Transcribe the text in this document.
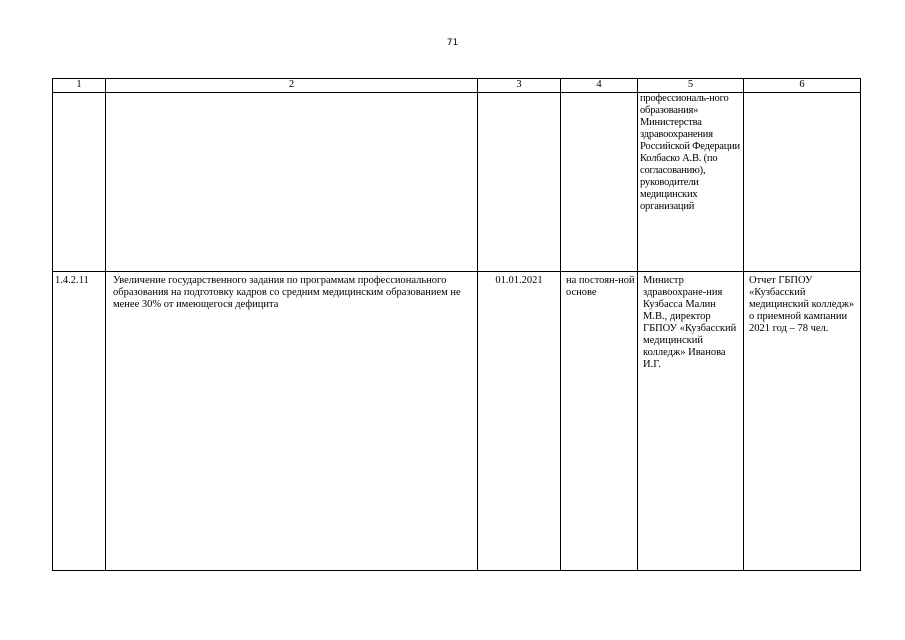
71
1	2	3	4	5	6
				профессиональ-ного образования» Министерства здравоохранения Российской Федерации Колбаско А.В. (по согласованию), руководители медицинских организаций	
1.4.2.11	Увеличение государственного задания по программам профессионального образования на подготовку кадров со средним медицинским образованием не менее 30% от имеющегося дефицита	01.01.2021	на постоян-ной основе	Министр здравоохране-ния Кузбасса Малин М.В., директор ГБПОУ «Кузбасский медицинский колледж» Иванова И.Г.	Отчет ГБПОУ «Кузбасский медицинский колледж» о приемной кампании 2021 год – 78 чел.
